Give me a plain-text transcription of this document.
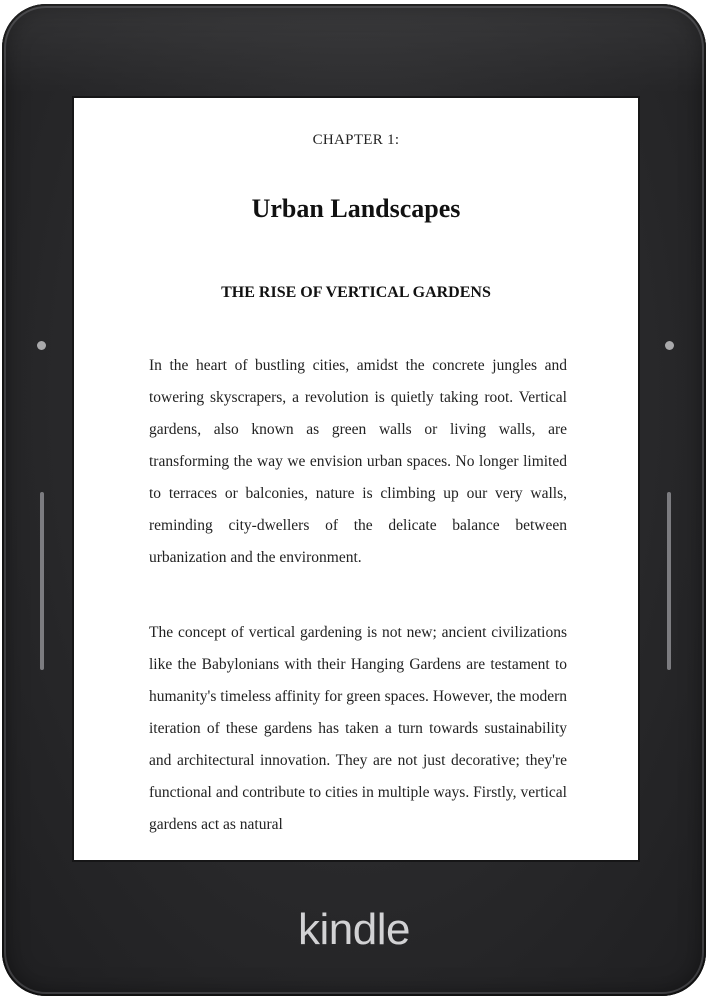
CHAPTER 1:
Urban Landscapes
THE RISE OF VERTICAL GARDENS

In the heart of bustling cities, amidst the concrete jungles and towering skyscrapers, a revolution is quietly taking root. Vertical gardens, also known as green walls or living walls, are transforming the way we envision urban spaces. No longer limited to terraces or balconies, nature is climbing up our very walls, reminding city-dwellers of the delicate balance between urbanization and the environment.

The concept of vertical gardening is not new; ancient civilizations like the Babylonians with their Hanging Gardens are testament to humanity's timeless affinity for green spaces. However, the modern iteration of these gardens has taken a turn towards sustainability and architectural innovation. They are not just decorative; they're functional and contribute to cities in multiple ways. Firstly, vertical gardens act as natural

kindle
